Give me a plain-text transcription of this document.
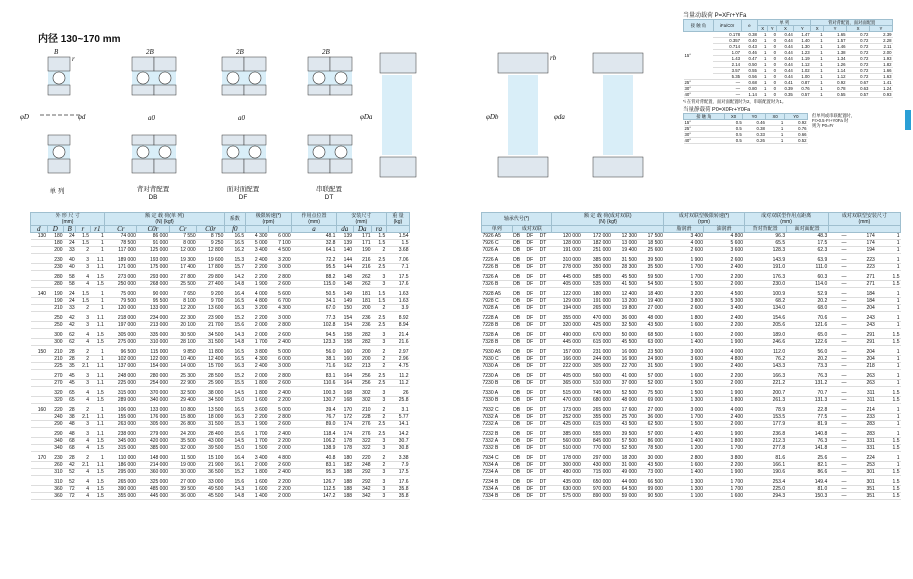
内径 130~170 mm
B
φD	φd
r
2B
a0
2B
a0
2B
φDa	φDb	φda
rb
单 列	背对背配置
DB
面对面配置
DF
串联配置
DT
当量动载荷 P=XFr+YFa
接 触 角	iFa/C0r	e	单 列				背对背配置、面对面配置			
			X	Y	X	Y	X	Y	X	Y
15°	0.178	0.38	1	0	0.44	1.47	1	1.65	0.72	2.39
	0.357	0.40	1	0	0.44	1.40	1	1.57	0.72	2.28
	0.714	0.43	1	0	0.44	1.30	1	1.46	0.72	2.11
	1.07	0.46	1	0	0.44	1.23	1	1.38	0.72	2.00
	1.43	0.47	1	0	0.44	1.19	1	1.34	0.72	1.93
	2.14	0.50	1	0	0.44	1.12	1	1.26	0.72	1.82
	3.57	0.55	1	0	0.44	1.02	1	1.14	0.72	1.66
	5.35	0.56	1	0	0.44	1.00	1	1.12	0.72	1.63
25°	—	0.68	1	0	0.41	0.87	1	0.92	0.67	1.41
30°	—	0.80	1	0	0.39	0.76	1	0.78	0.63	1.24
40°	—	1.14	1	0	0.35	0.57	1	0.55	0.57	0.93
*i 在背对背配置、面对面配置时为2，串联配置时为1。
当量静载荷 P0=X0Fr+Y0Fa
接 触 角	X0	Y0	X0	Y0
15°	0.5	0.46	1	0.92
25°	0.5	0.38	1	0.76
30°	0.5	0.33	1	0.66
40°	0.5	0.26	1	0.52
但单列或串联配置时，
Fr>0.5·Fr+Y0Fa 时
则为 P0=Fr
外 形 尺 寸
(mm)					额 定 载 荷(单 列)
(N) {kgf}				系数	极限转速(*)
(rpm)		作用点位置
(mm)	安装尺寸
(mm)			重 量
(kg)
d	D	B	r	r1	Cr	C0r	Cr	C0r	f0			a	da	Da	ra	
130	180	24	1.5	1	74 000	86 000	7 550	8 750	16.5	4 300	6 000	48.1	139	171	1.5	1.54
	180	24	1.5	1	78 500	91 000	8 000	9 250	16.5	5 000	7 100	32.8	139	171	1.5	1.5
	200	33	2	1	117 000	125 000	12 000	12 800	16.2	3 400	4 500	64.1	140	190	2	3.68

	230	40	3	1.1	189 000	193 000	19 300	19 600	15.3	2 400	3 200	72.2	144	216	2.5	7.06
	230	40	3	1.1	171 000	175 000	17 400	17 800	15.7	2 200	3 000	95.5	144	216	2.5	7.1

	280	58	4	1.5	273 000	293 000	27 800	29 800	14.2	2 200	2 800	88.2	148	262	3	17.5
	280	58	4	1.5	250 000	268 000	25 500	27 400	14.8	1 900	2 600	115.0	148	262	3	17.6

140	190	24	1.5	1	75 000	90 000	7 650	9 200	16.4	4 000	5 600	50.5	149	181	1.5	1.63
	190	24	1.5	1	79 500	95 500	8 100	9 700	16.5	4 800	6 700	34.1	149	181	1.5	1.63
	210	33	2	1	120 000	133 000	12 200	13 600	16.3	3 200	4 300	67.0	150	200	2	3.9

	250	42	3	1.1	218 000	234 000	22 300	23 900	15.2	2 200	3 000	77.3	154	236	2.5	8.92
	250	42	3	1.1	197 000	213 000	20 100	21 700	15.6	2 000	2 800	102.8	154	236	2.5	8.94

	300	62	4	1.5	305 000	335 000	30 500	34 500	14.3	2 000	2 600	94.5	158	282	3	21.4
	300	62	4	1.5	275 000	310 000	28 100	31 500	14.8	1 700	2 400	123.3	158	282	3	21.6

150	210	28	2	1	96 500	115 000	9 850	11 800	16.5	3 800	5 000	56.0	160	200	2	2.97
	210	28	2	1	102 000	122 000	10 400	12 400	16.5	4 300	6 000	38.1	160	200	2	2.96
	225	35	2.1	1.1	137 000	154 000	14 000	15 700	16.3	2 400	3 000	71.6	162	213	2	4.75

	270	45	3	1.1	248 000	280 000	25 300	28 500	15.2	2 000	2 800	83.1	164	256	2.5	11.2
	270	45	3	1.1	225 000	254 000	22 900	25 900	15.5	1 800	2 600	110.6	164	256	2.5	11.2

	320	65	4	1.5	315 000	370 000	32 500	38 000	14.5	1 800	2 400	100.3	168	302	3	26
	320	65	4	1.5	289 000	340 000	29 400	34 500	15.0	1 600	2 200	130.7	168	302	3	25.8

160	220	28	2	1	106 000	133 000	10 800	13 500	16.5	3 600	5 000	39.4	170	210	2	3.1
	240	38	2.1	1.1	155 000	176 000	15 800	18 000	16.3	2 200	2 800	76.7	172	228	2	5.77
	290	48	3	1.1	263 000	305 000	26 800	31 500	15.3	1 900	2 600	89.0	174	276	2.5	14.1

	290	48	3	1.1	238 000	279 000	24 200	28 400	15.6	1 700	2 400	118.4	174	276	2.5	14.2
	340	68	4	1.5	345 000	420 000	35 500	43 000	14.5	1 700	2 200	106.2	178	322	3	30.7
	340	68	4	1.5	315 000	385 000	32 000	39 500	15.0	1 500	2 000	138.9	178	322	3	30.8

170	230	28	2	1	110 000	148 000	11 500	15 100	16.4	3 400	4 800	40.8	180	220	2	3.38
	260	42	2.1	1.1	186 000	214 000	19 000	21 900	16.1	2 000	2 600	83.1	182	248	2	7.9
	310	52	4	1.5	295 000	360 000	30 000	36 500	15.2	1 800	2 400	95.3	188	292	3	17.5

	310	52	4	1.5	265 000	325 000	27 000	33 000	15.6	1 600	2 200	126.7	188	292	3	17.6
	360	72	4	1.5	390 000	485 000	39 500	49 500	14.3	1 600	2 200	112.5	188	342	3	35.8
	360	72	4	1.5	355 000	445 000	36 000	45 500	14.8	1 400	2 000	147.2	188	342	3	35.8
轴承代号(*)				额 定 载 荷(成对双联)
(N) {kgf}				成对双联型极限转速(*)
(rpm)		成对双联型作用点距离
(mm)		成对双联型安装尺寸
(mm)		
单列	成对双联							脂润滑	油润滑	背对背配置	面对面配置			
7926 A5	DB	DF	DT	120 000	172 000	12 300	17 500	3 400	4 800	96.3	48.3	—	174	1
7926 C	DB	DF	DT	128 000	182 000	13 000	18 500	4 000	5 600	65.5	17.5	—	174	1
7026 A	DB	DF	DT	191 000	251 000	19 400	25 600	2 600	3 600	128.3	62.3	—	194	1

7226 A	DB	DF	DT	310 000	385 000	31 500	39 500	1 900	2 600	143.9	63.9	—	223	1
7226 B	DB	DF	DT	278 000	350 000	28 300	35 500	1 700	2 400	191.0	111.0	—	223	1

7326 A	DB	DF	DT	445 000	585 000	45 500	59 500	1 700	2 200	176.3	60.3	—	271	1.5
7326 B	DB	DF	DT	405 000	535 000	41 500	54 500	1 500	2 000	230.0	114.0	—	271	1.5

7928 A5	DB	DF	DT	122 000	180 000	12 400	18 400	3 200	4 500	100.9	52.9	—	184	1
7928 C	DB	DF	DT	129 000	191 000	13 200	19 400	3 800	5 300	68.2	20.2	—	184	1
7028 A	DB	DF	DT	194 000	265 000	19 800	27 000	2 600	3 400	134.0	68.0	—	204	1

7228 A	DB	DF	DT	355 000	470 000	36 000	48 000	1 800	2 400	154.6	70.6	—	243	1
7228 B	DB	DF	DT	320 000	425 000	32 500	43 500	1 600	2 200	205.6	121.6	—	243	1

7328 A	DB	DF	DT	490 000	670 000	50 000	68 500	1 600	2 000	189.0	65.0	—	291	1.5
7328 B	DB	DF	DT	445 000	615 000	45 500	63 000	1 400	1 900	246.6	122.6	—	291	1.5

7930 A5	DB	DF	DT	157 000	231 000	16 000	23 500	3 000	4 000	112.0	56.0	—	204	1
7930 C	DB	DF	DT	166 000	244 000	16 900	24 900	3 600	4 800	76.2	20.2	—	204	1
7030 A	DB	DF	DT	222 000	305 000	22 700	31 500	1 900	2 400	143.3	73.3	—	218	1

7230 A	DB	DF	DT	405 000	560 000	41 000	57 000	1 600	2 200	166.3	76.3	—	263	1
7230 B	DB	DF	DT	365 000	510 000	37 000	52 000	1 500	2 000	221.2	131.2	—	263	1

7330 A	DB	DF	DT	515 000	745 000	52 500	75 500	1 500	1 900	200.7	70.7	—	311	1.5
7330 B	DB	DF	DT	470 000	680 000	48 000	69 000	1 300	1 800	261.3	131.3	—	311	1.5

7932 C	DB	DF	DT	173 000	265 000	17 600	27 000	3 000	4 000	78.9	22.8	—	214	1
7032 A	DB	DF	DT	252 000	355 000	25 700	36 000	1 700	2 400	153.5	77.5	—	233	1
7232 A	DB	DF	DT	425 000	615 000	43 500	62 500	1 500	2 000	177.9	81.9	—	283	1

7232 B	DB	DF	DT	385 000	555 000	39 500	57 000	1 400	1 900	236.8	140.8	—	283	1
7332 A	DB	DF	DT	560 000	845 000	57 500	86 000	1 400	1 800	212.3	76.3	—	331	1.5
7332 B	DB	DF	DT	510 000	770 000	52 500	78 500	1 200	1 700	277.8	141.8	—	331	1.5

7934 C	DB	DF	DT	178 000	297 000	18 200	30 000	2 800	3 800	81.6	25.6	—	224	1
7034 A	DB	DF	DT	300 000	430 000	31 000	43 500	1 600	2 200	166.1	82.1	—	253	1
7234 A	DB	DF	DT	480 000	715 000	49 000	73 000	1 400	1 900	190.6	86.6	—	301	1.5

7234 B	DB	DF	DT	435 000	650 000	44 000	66 500	1 300	1 700	253.4	149.4	—	301	1.5
7334 A	DB	DF	DT	630 000	970 000	64 500	99 000	1 300	1 700	225.0	81.0	—	351	1.5
7334 B	DB	DF	DT	575 000	890 000	59 000	90 500	1 100	1 600	294.3	150.3	—	351	1.5
